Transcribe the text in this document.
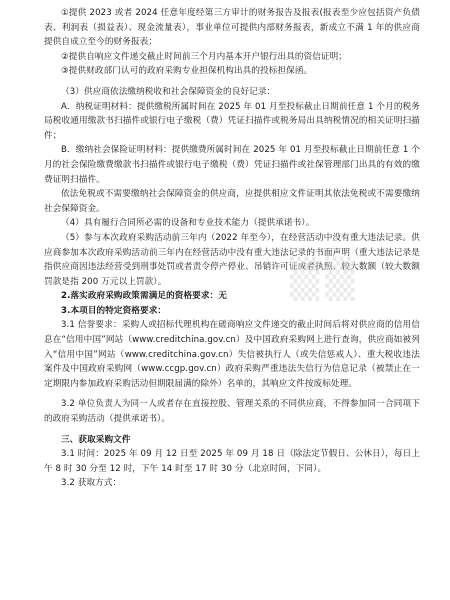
①提供 2023 或者 2024 任意年度经第三方审计的财务报告及报表(报表至少应包括资产负债表、利润表（损益表）、现金流量表），事业单位可提供内部财务报表，新成立不满 1 年的供应商提供自成立至今的财务报表；

②提供自响应文件递交截止时间前三个月内基本开户银行出具的资信证明；

③提供财政部门认可的政府采购专业担保机构出具的投标担保函。

（3）供应商依法缴纳税收和社会保障资金的良好记录：

A．纳税证明材料：提供缴税所属时间在 2025 年 01 月至投标截止日期前任意 1 个月的税务局税收通用缴款书扫描件或银行电子缴税（费）凭证扫描件或税务局出具纳税情况的相关证明扫描件；

B．缴纳社会保险证明材料：提供缴费所属时间在 2025 年 01 月至投标截止日期前任意 1 个月的社会保险缴费缴款书扫描件或银行电子缴税（费）凭证扫描件或社保管理部门出具的有效的缴费证明扫描件。

依法免税或不需要缴纳社会保障资金的供应商，应提供相应文件证明其依法免税或不需要缴纳社会保障资金。

（4）具有履行合同所必需的设备和专业技术能力（提供承诺书）。

（5）参与本次政府采购活动前三年内（2022 年至今），在经营活动中没有重大违法记录。供应商参加本次政府采购活动前三年内在经营活动中没有重大违法记录的书面声明（重大违法记录是指供应商因违法经营受到刑事处罚或者责令停产停业、吊销许可证或者执照、较大数额（较大数额罚款是指 200 万元以上罚款）。

2.落实政府采购政策需满足的资格要求：无

3.本项目的特定资格要求：

3.1 信誉要求：采购人或招标代理机构在磋商响应文件递交的截止时间后将对供应商的信用信息在“信用中国”网站（www.creditchina.gov.cn）及中国政府采购网上进行查询，供应商如被列入“信用中国”网站（www.creditchina.gov.cn）失信被执行人（或失信惩戒人）、重大税收违法案件及中国政府采购网（www.ccgp.gov.cn）政府采购严重违法失信行为信息记录（被禁止在一定期限内参加政府采购活动但期限届满的除外）名单的，其响应文件按废标处理。

3.2 单位负责人为同一人或者存在直接控股、管理关系的不同供应商，不得参加同一合同项下的政府采购活动（提供承诺书）。

三、获取采购文件

3.1 时间：2025 年 09 月 12 日至 2025 年 09 月 18 日（除法定节假日、公休日），每日上午 8 时 30 分至 12 时，下午 14 时至 17 时 30 分（北京时间，下同）。

3.2 获取方式：

▒▒
